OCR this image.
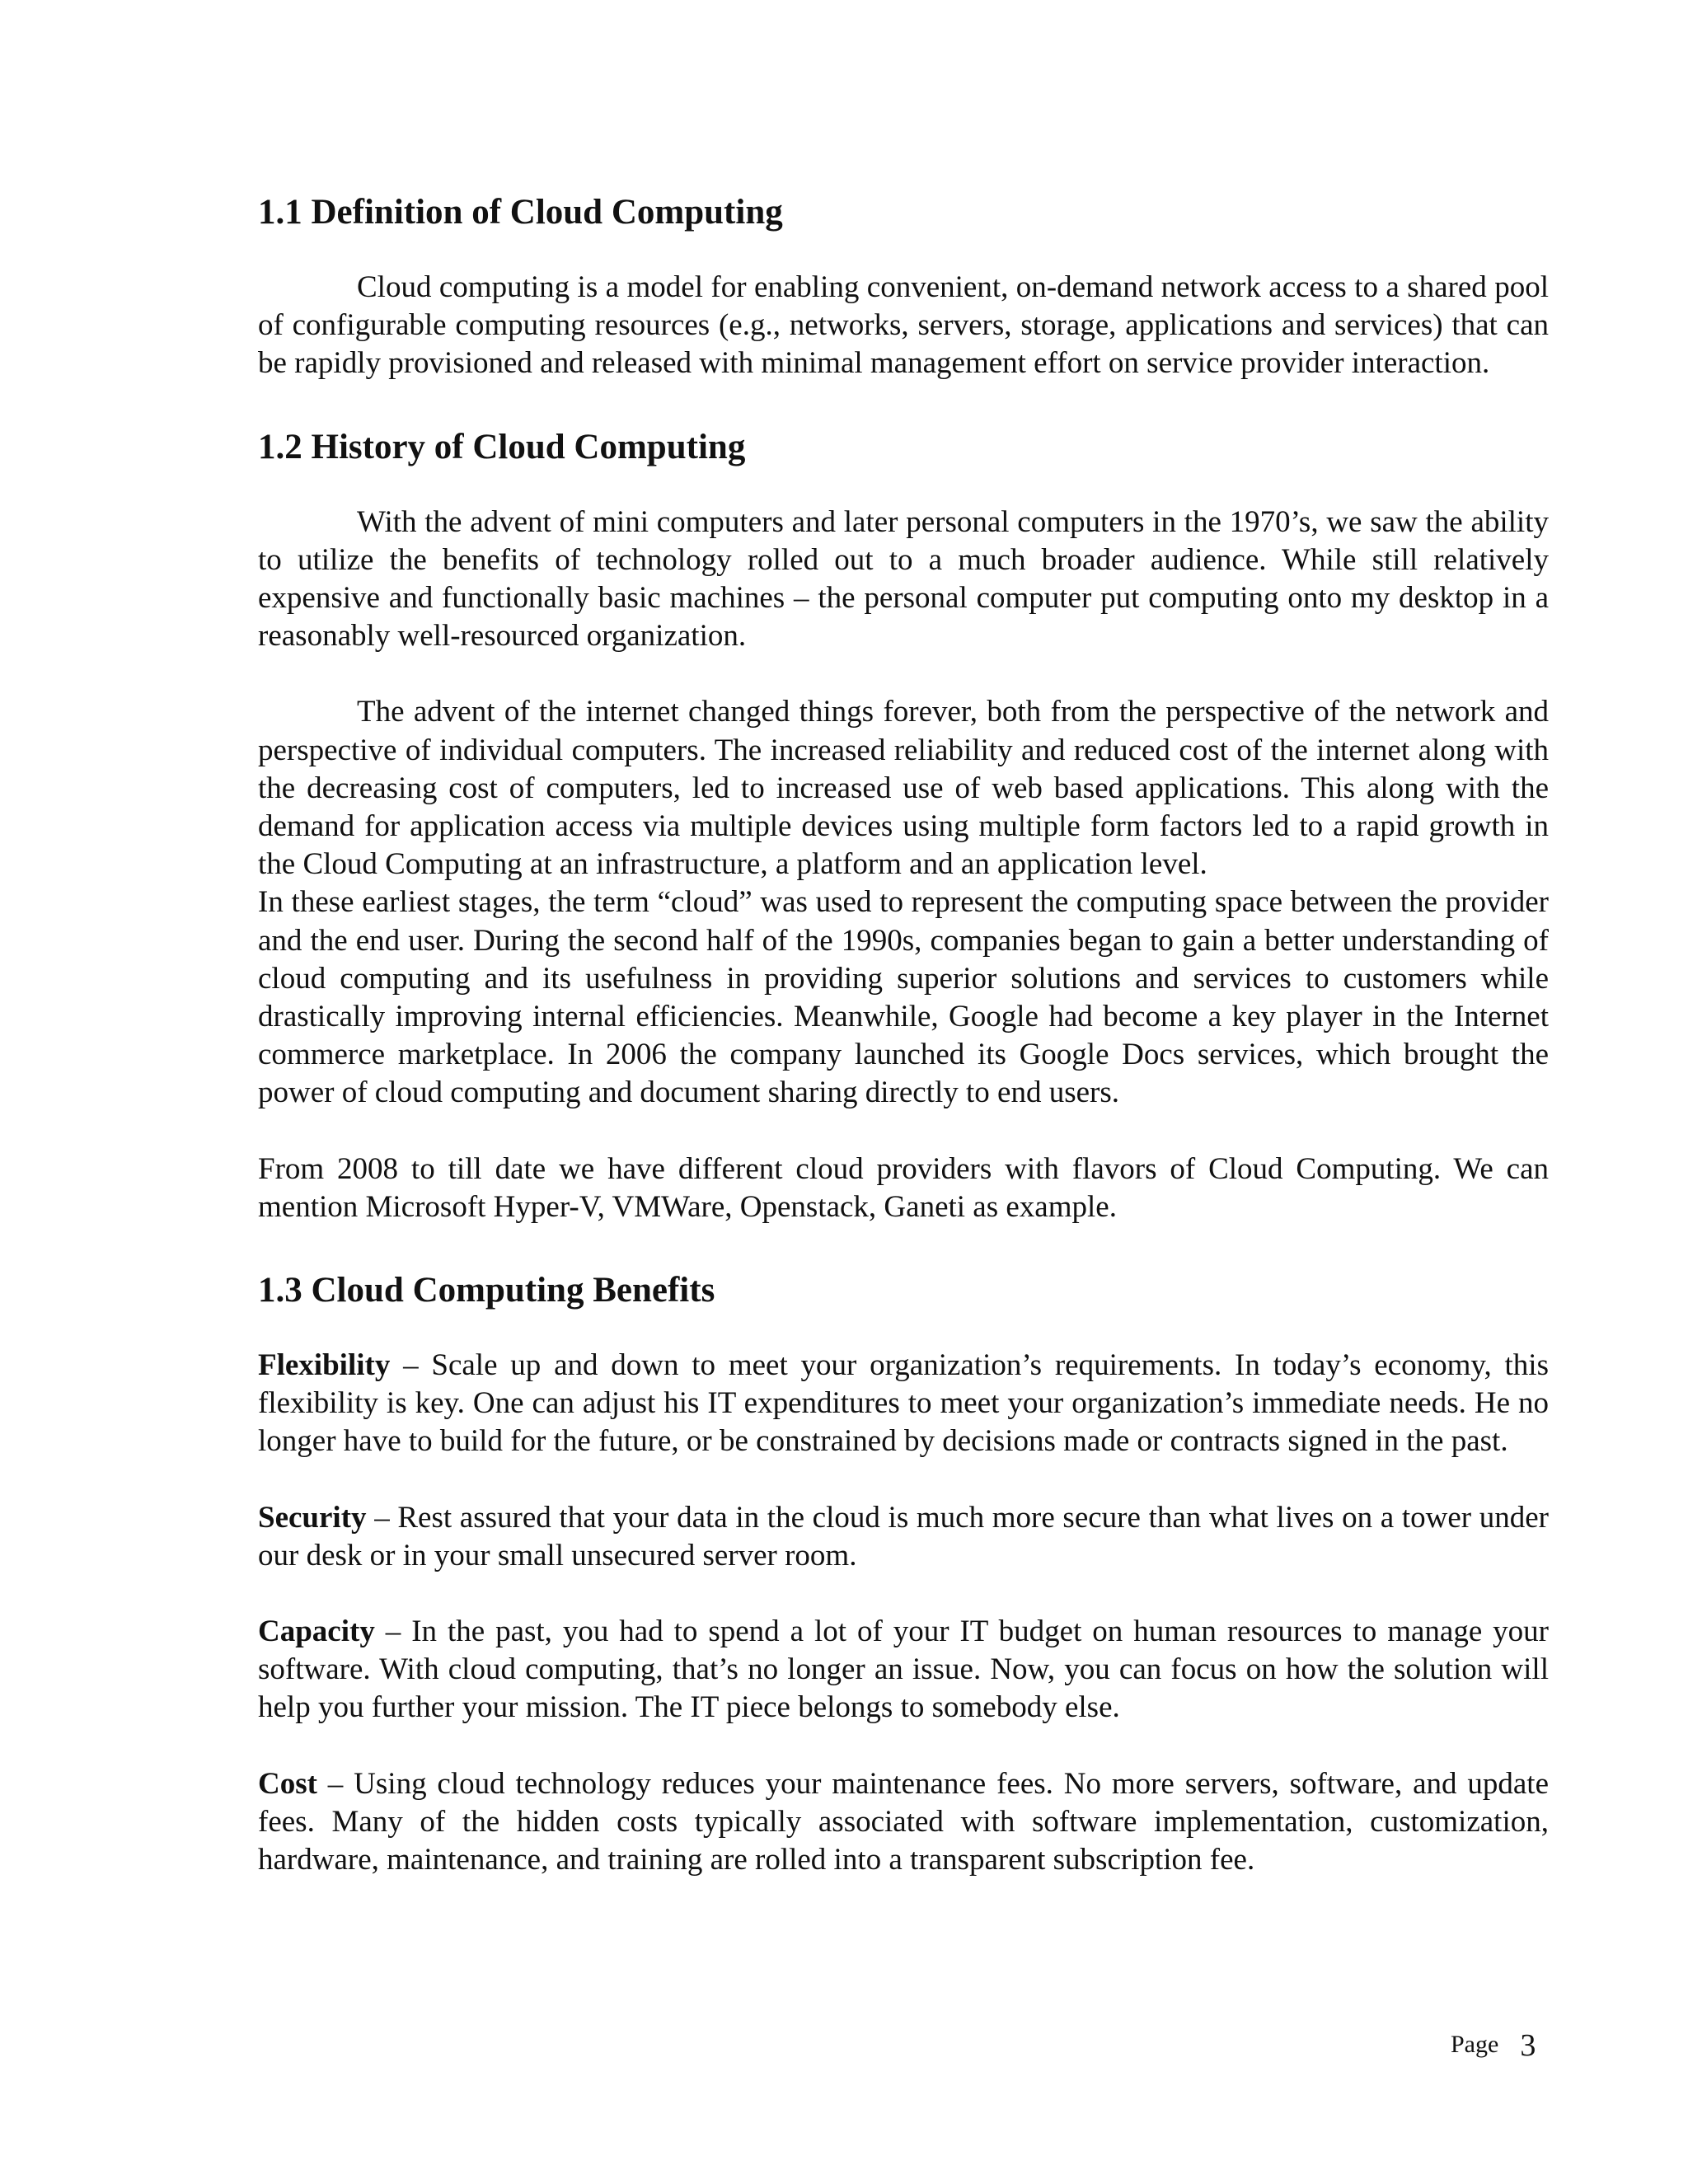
1.1 Definition of Cloud Computing

Cloud computing is a model for enabling convenient, on-demand network access to a shared pool of configurable computing resources (e.g., networks, servers, storage, applications and services) that can be rapidly provisioned and released with minimal management effort on service provider interaction.

1.2 History of Cloud Computing

With the advent of mini computers and later personal computers in the 1970’s, we saw the ability to utilize the benefits of technology rolled out to a much broader audience. While still relatively expensive and functionally basic machines – the personal computer put computing onto my desktop in a reasonably well-resourced organization.

The advent of the internet changed things forever, both from the perspective of the network and perspective of individual computers. The increased reliability and reduced cost of the internet along with the decreasing cost of computers, led to increased use of web based applications. This along with the demand for application access via multiple devices using multiple form factors led to a rapid growth in the Cloud Computing at an infrastructure, a platform and an application level.

In these earliest stages, the term “cloud” was used to represent the computing space between the provider and the end user. During the second half of the 1990s, companies began to gain a better understanding of cloud computing and its usefulness in providing superior solutions and services to customers while drastically improving internal efficiencies. Meanwhile, Google had become a key player in the Internet commerce marketplace. In 2006 the company launched its Google Docs services, which brought the power of cloud computing and document sharing directly to end users.

From 2008 to till date we have different cloud providers with flavors of Cloud Computing. We can mention Microsoft Hyper-V, VMWare, Openstack, Ganeti as example.

1.3 Cloud Computing Benefits

Flexibility – Scale up and down to meet your organization’s requirements. In today’s economy, this flexibility is key. One can adjust his IT expenditures to meet your organization’s immediate needs. He no longer have to build for the future, or be constrained by decisions made or contracts signed in the past.

Security – Rest assured that your data in the cloud is much more secure than what lives on a tower under our desk or in your small unsecured server room.

Capacity – In the past, you had to spend a lot of your IT budget on human resources to manage your software. With cloud computing, that’s no longer an issue. Now, you can focus on how the solution will help you further your mission. The IT piece belongs to somebody else.

Cost – Using cloud technology reduces your maintenance fees. No more servers, software, and update fees. Many of the hidden costs typically associated with software implementation, customization, hardware, maintenance, and training are rolled into a transparent subscription fee.

Page 3
